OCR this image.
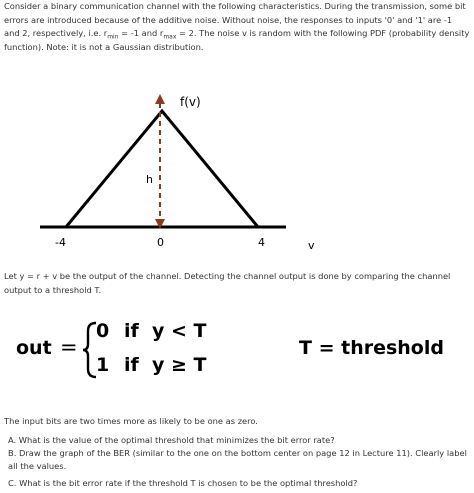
Consider a binary communication channel with the following characteristics. During the transmission, some bit errors are introduced because of the additive noise. Without noise, the responses to inputs '0' and '1' are -1 and 2, respectively, i.e. $r_{min} = -1$ and $r_{max} = 2$. The noise v is random with the following PDF (probability density function). Note: it is not a Gaussian distribution.
f(v)
h
-4	0	4	v
Let y = r + v be the output of the channel. Detecting the channel output is done by comparing the channel output to a threshold T.
out =
0 if y < T
1 if y ≥ T
T = threshold
The input bits are two times more as likely to be one as zero.
A. What is the value of the optimal threshold that minimizes the bit error rate?
B. Draw the graph of the BER (similar to the one on the bottom center on page 12 in Lecture 11). Clearly label all the values.
C. What is the bit error rate if the threshold T is chosen to be the optimal threshold?
